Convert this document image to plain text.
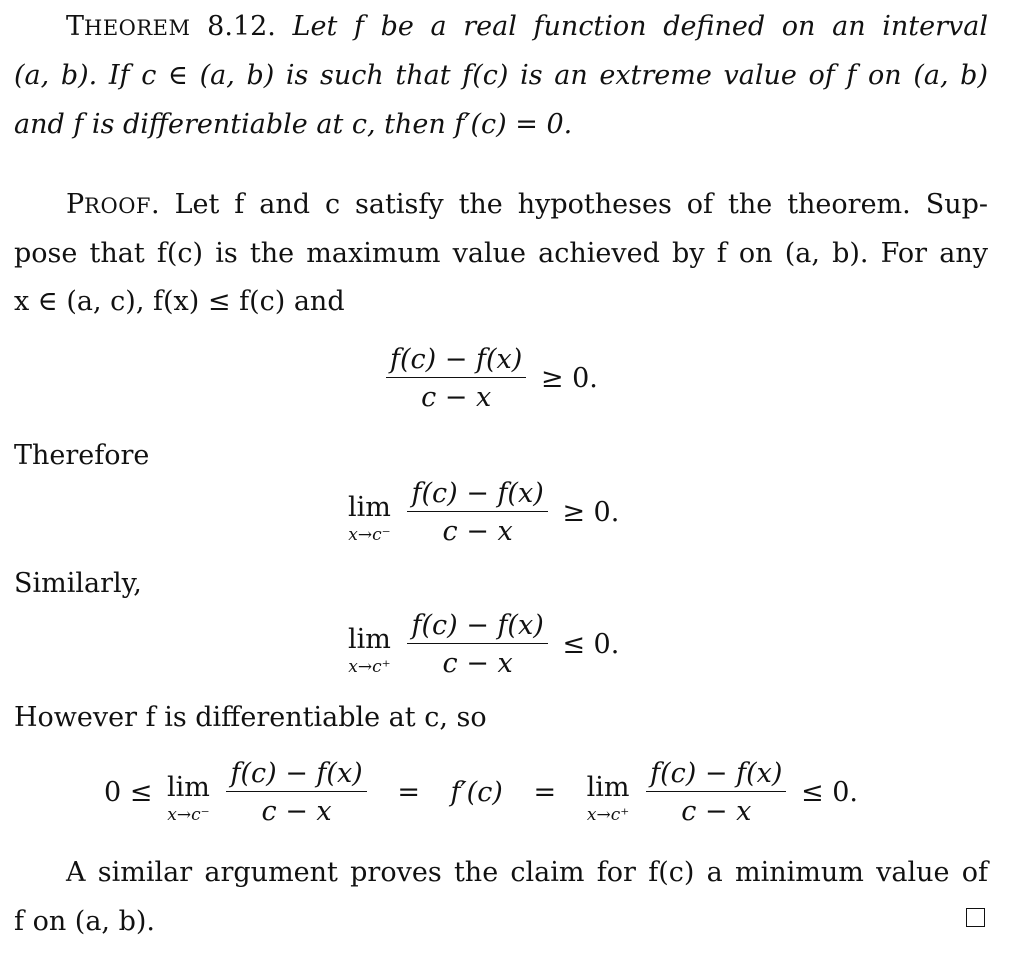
THEOREM 8.12. Let f be a real function defined on an interval
(a, b). If c ∈ (a, b) is such that f(c) is an extreme value of f on (a, b)
and f is differentiable at c, then f′(c) = 0.
PROOF. Let f and c satisfy the hypotheses of the theorem. Sup-
pose that f(c) is the maximum value achieved by f on (a, b). For any
x ∈ (a, c), f(x) ≤ f(c) and
$\frac{f(c) - f(x)}{c - x} \ge 0$.
Therefore
lim
x→c⁻
$\frac{f(c) - f(x)}{c - x} \ge 0$.
Similarly,
lim
x→c⁺
$\frac{f(c) - f(x)}{c - x} \le 0$.
However f is differentiable at c, so
0 ≤ lim
x→c⁻
$\frac{f(c) - f(x)}{c - x} = f'(c) = \lim$
x→c⁺
$\frac{f(c) - f(x)}{c - x} \le 0$.
A similar argument proves the claim for f(c) a minimum value of
f on (a, b).
